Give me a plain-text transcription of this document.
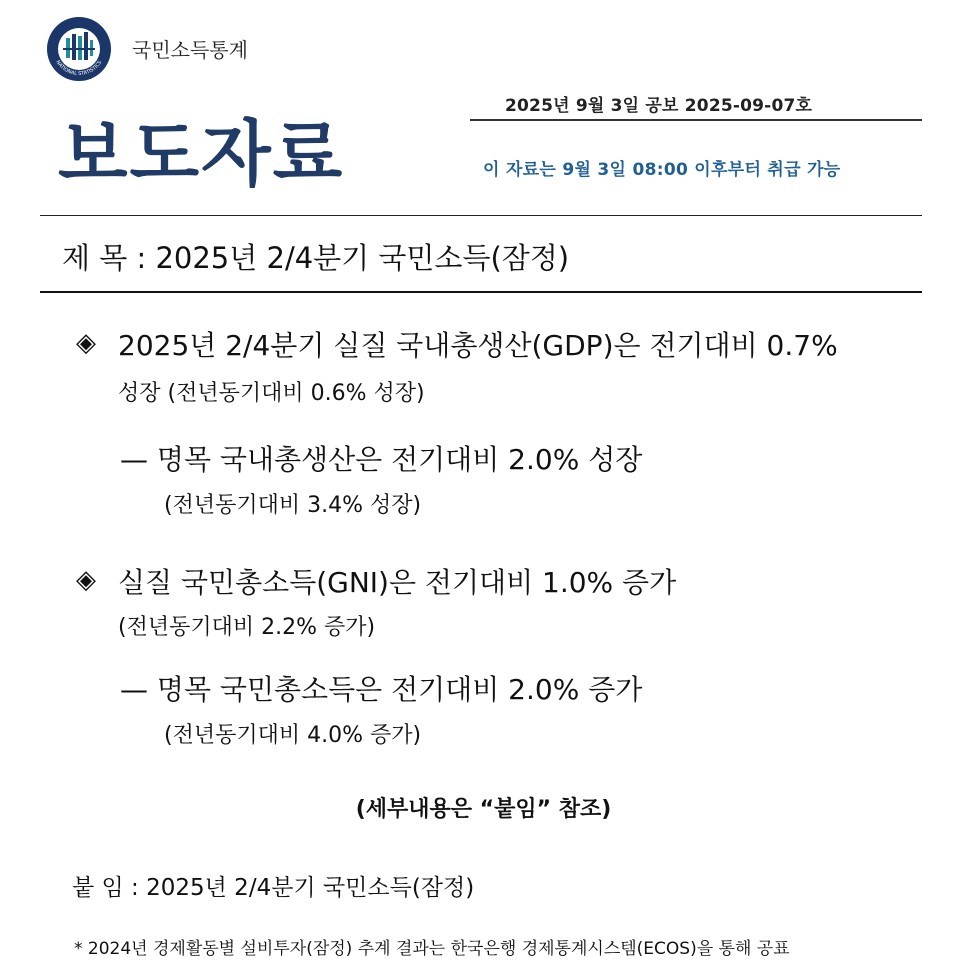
NATIONAL STATISTICS
국민소득통계
2025년 9월 3일 공보 2025-09-07호
보도자료	이 자료는 9월 3일 08:00 이후부터 취급 가능
제 목 : 2025년 2/4분기 국민소득(잠정)
◈ 2025년 2/4분기 실질 국내총생산(GDP)은 전기대비 0.7%
성장 (전년동기대비 0.6% 성장)
— 명목 국내총생산은 전기대비 2.0% 성장
(전년동기대비 3.4% 성장)
◈ 실질 국민총소득(GNI)은 전기대비 1.0% 증가
(전년동기대비 2.2% 증가)
— 명목 국민총소득은 전기대비 2.0% 증가
(전년동기대비 4.0% 증가)
(세부내용은 “붙임” 참조)
붙 임 : 2025년 2/4분기 국민소득(잠정)
* 2024년 경제활동별 설비투자(잠정) 추계 결과는 한국은행 경제통계시스템(ECOS)을 통해 공표
